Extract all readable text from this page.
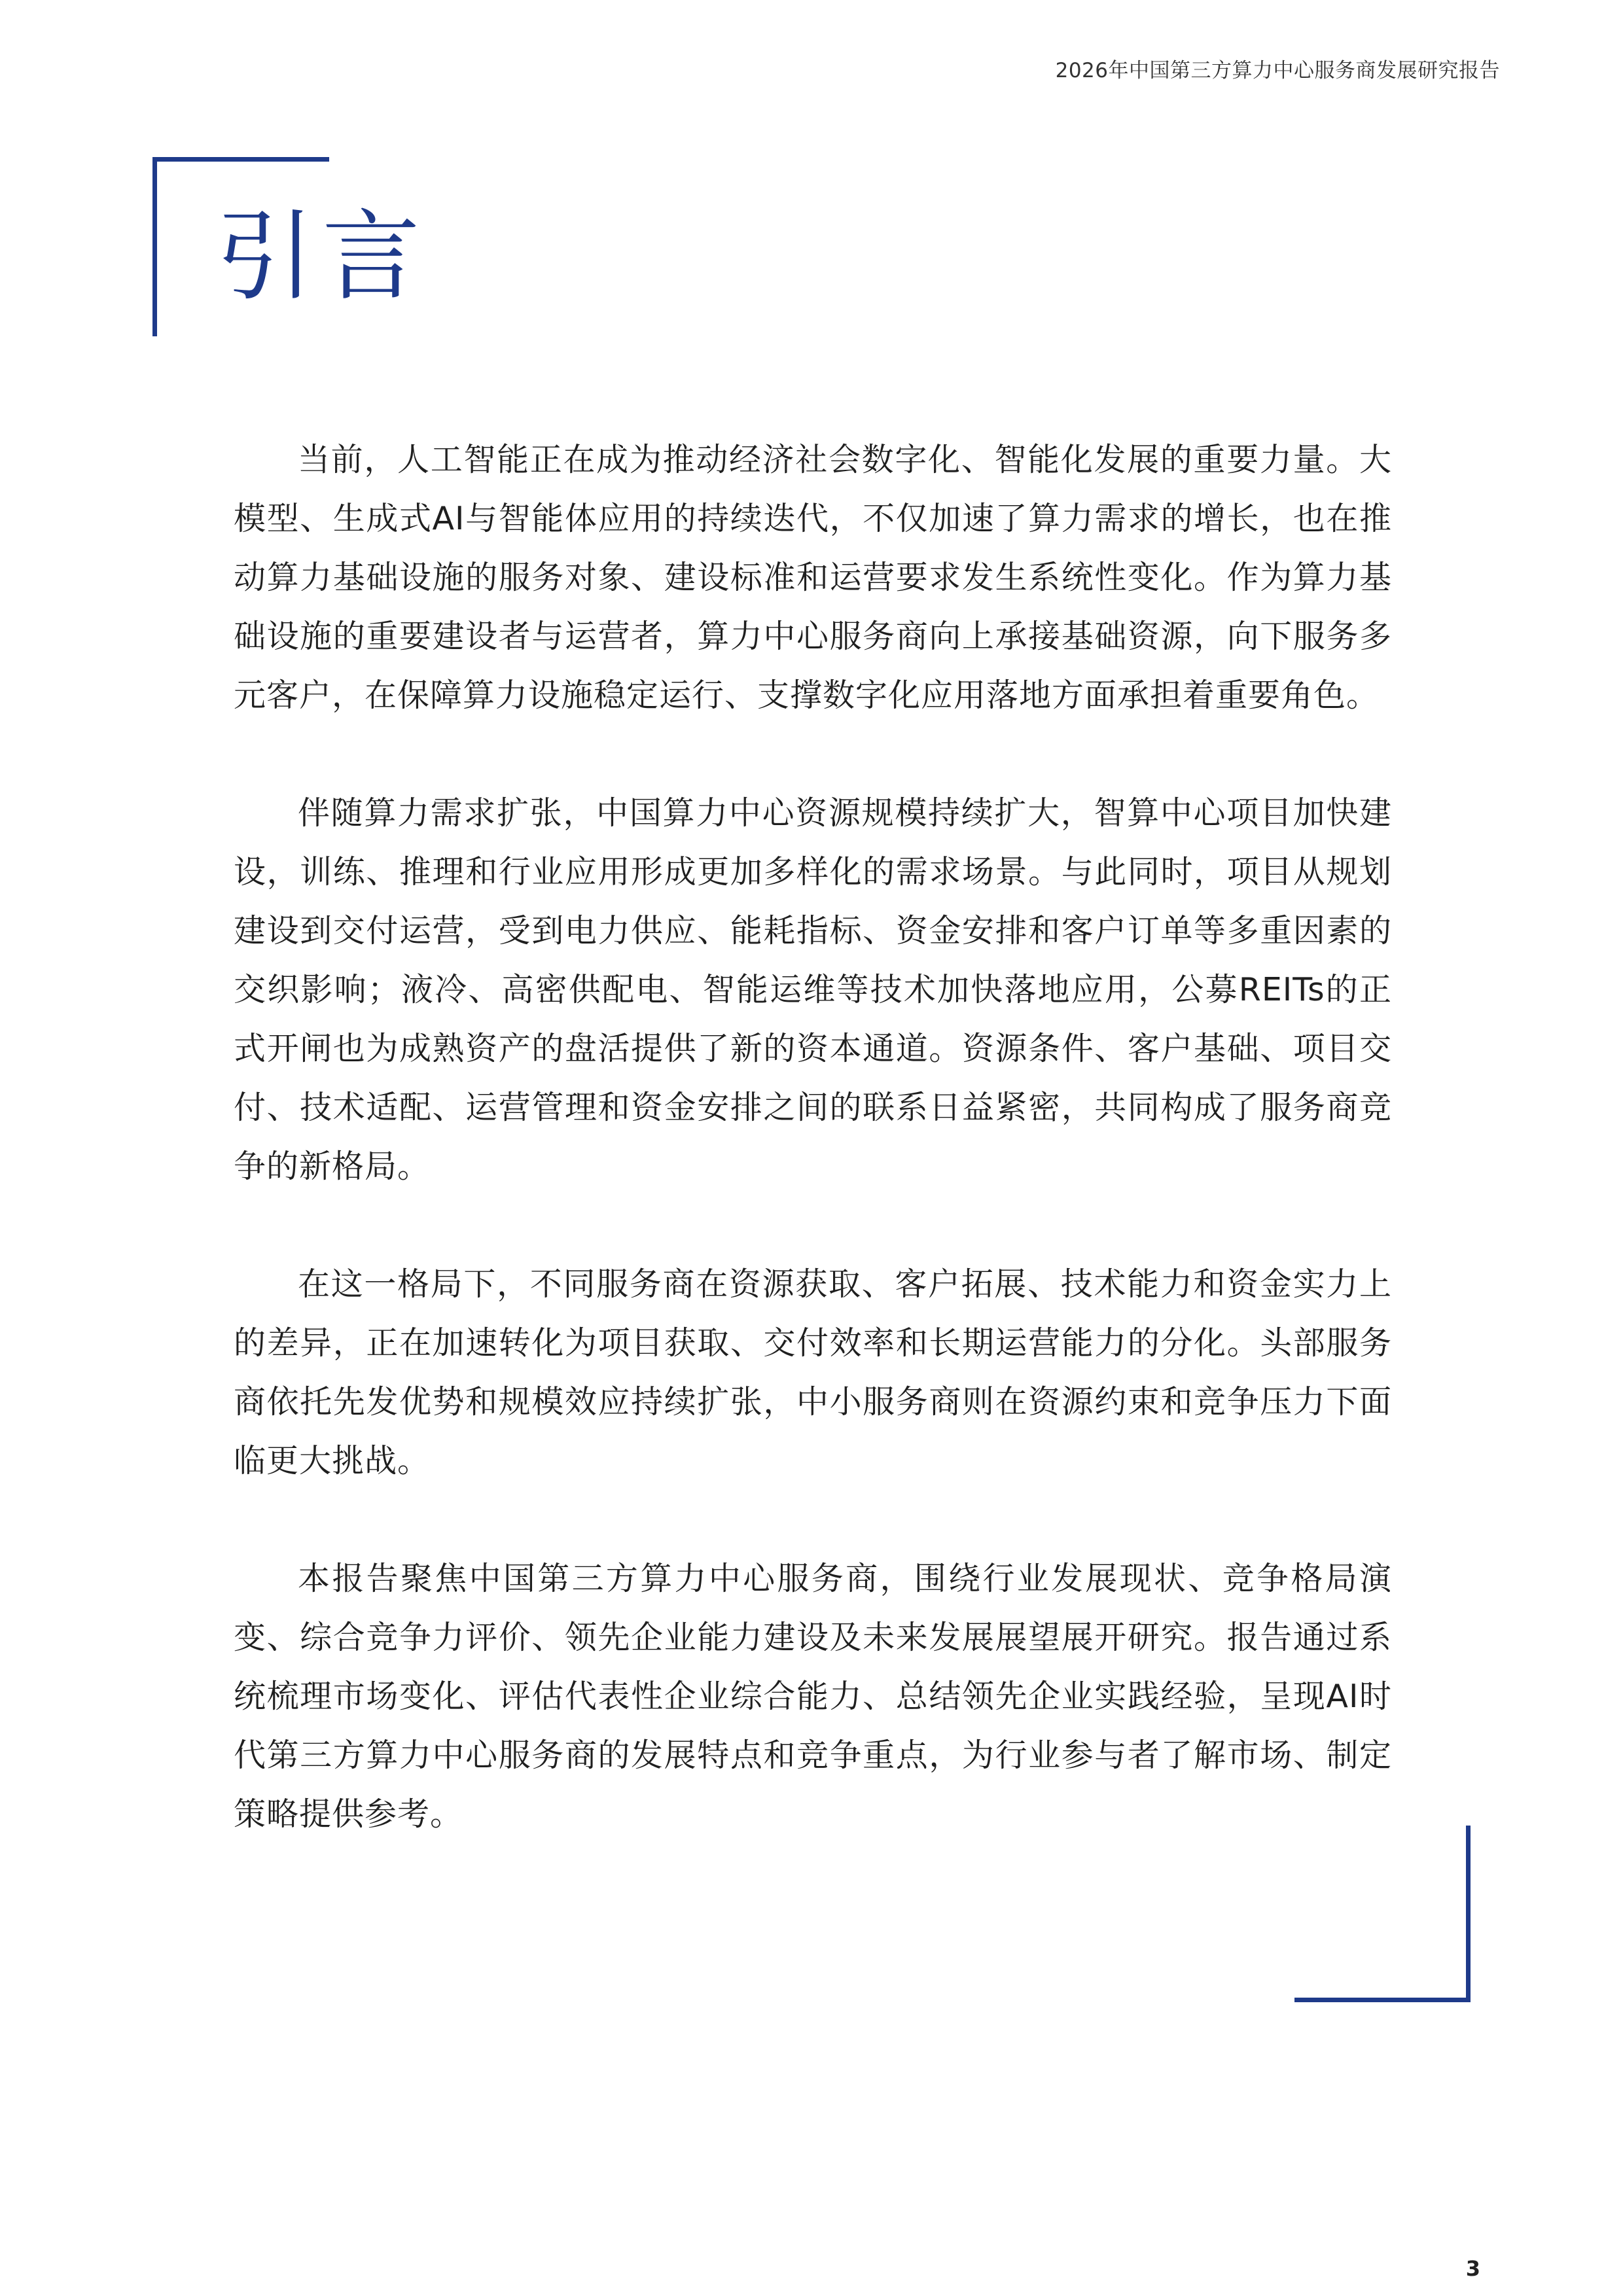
2026年中国第三方算力中心服务商发展研究报告
引言

当前，人工智能正在成为推动经济社会数字化、智能化发展的重要力量。大模型、生成式AI与智能体应用的持续迭代，不仅加速了算力需求的增长，也在推动算力基础设施的服务对象、建设标准和运营要求发生系统性变化。作为算力基础设施的重要建设者与运营者，算力中心服务商向上承接基础资源，向下服务多元客户，在保障算力设施稳定运行、支撑数字化应用落地方面承担着重要角色。

伴随算力需求扩张，中国算力中心资源规模持续扩大，智算中心项目加快建设，训练、推理和行业应用形成更加多样化的需求场景。与此同时，项目从规划建设到交付运营，受到电力供应、能耗指标、资金安排和客户订单等多重因素的交织影响；液冷、高密供配电、智能运维等技术加快落地应用，公募REITs的正式开闸也为成熟资产的盘活提供了新的资本通道。资源条件、客户基础、项目交付、技术适配、运营管理和资金安排之间的联系日益紧密，共同构成了服务商竞争的新格局。

在这一格局下，不同服务商在资源获取、客户拓展、技术能力和资金实力上的差异，正在加速转化为项目获取、交付效率和长期运营能力的分化。头部服务商依托先发优势和规模效应持续扩张，中小服务商则在资源约束和竞争压力下面临更大挑战。

本报告聚焦中国第三方算力中心服务商，围绕行业发展现状、竞争格局演变、综合竞争力评价、领先企业能力建设及未来发展展望展开研究。报告通过系统梳理市场变化、评估代表性企业综合能力、总结领先企业实践经验，呈现AI时代第三方算力中心服务商的发展特点和竞争重点，为行业参与者了解市场、制定策略提供参考。

3
